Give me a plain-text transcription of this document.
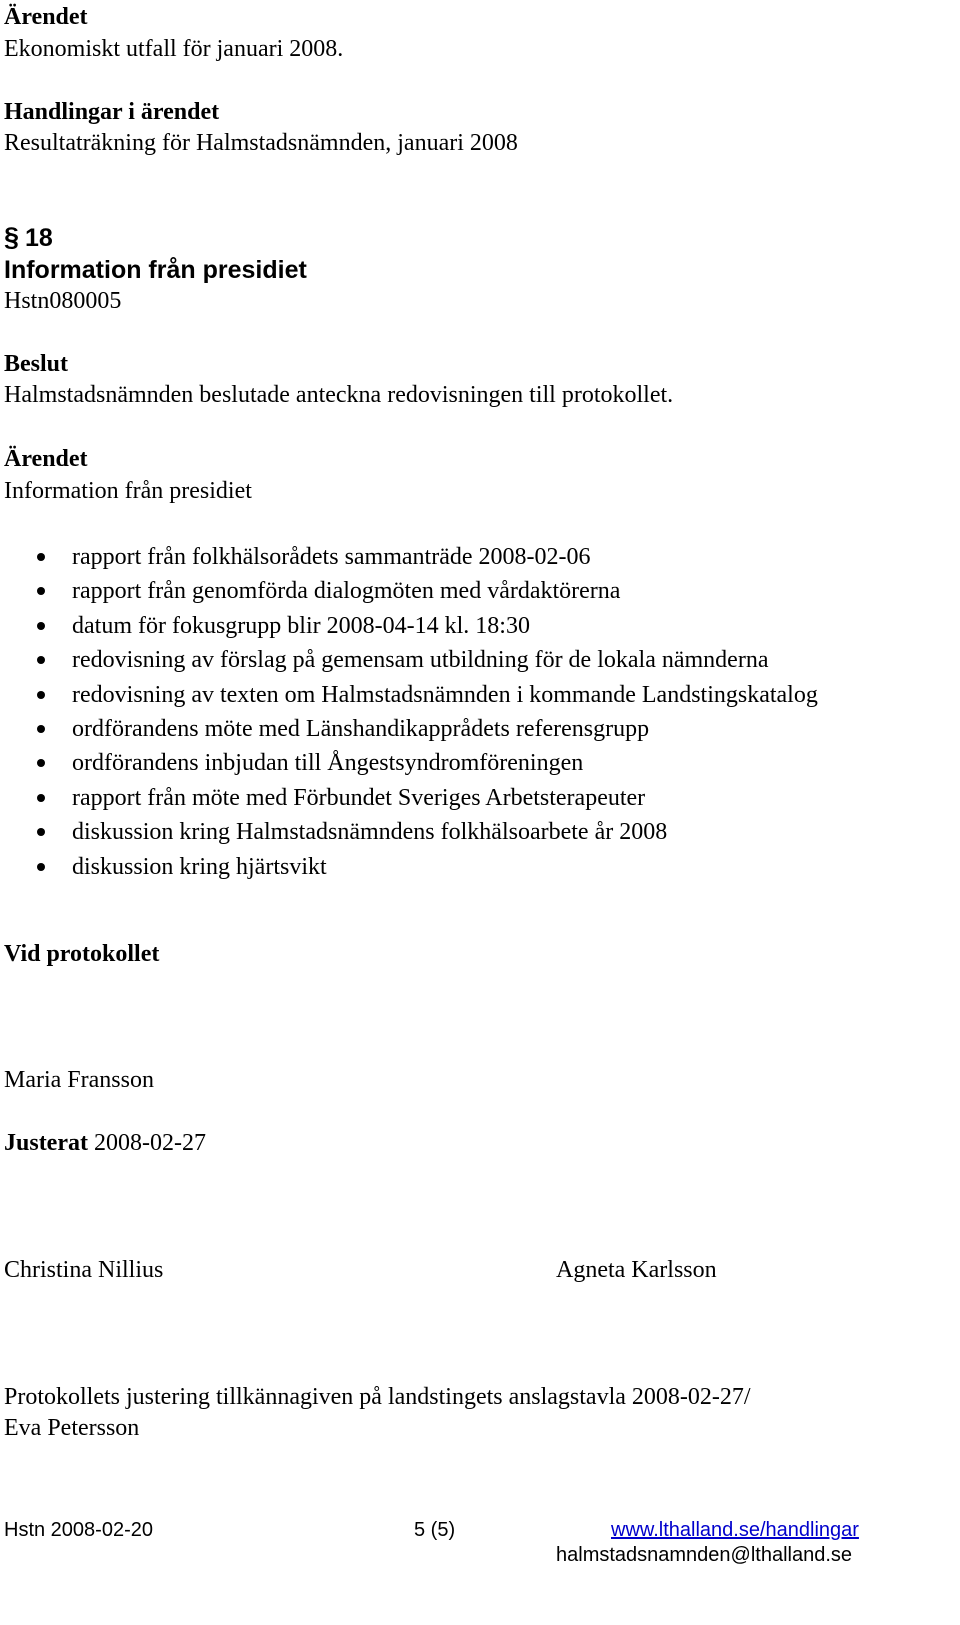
Ärendet
Ekonomiskt utfall för januari 2008.
Handlingar i ärendet
Resultaträkning för Halmstadsnämnden, januari 2008
§ 18
Information från presidiet
Hstn080005
Beslut
Halmstadsnämnden beslutade anteckna redovisningen till protokollet.
Ärendet
Information från presidiet
rapport från folkhälsorådets sammanträde 2008-02-06
rapport från genomförda dialogmöten med vårdaktörerna
datum för fokusgrupp blir 2008-04-14 kl. 18:30
redovisning av förslag på gemensam utbildning för de lokala nämnderna
redovisning av texten om Halmstadsnämnden i kommande Landstingskatalog
ordförandens möte med Länshandikapprådets referensgrupp
ordförandens inbjudan till Ångestsyndromföreningen
rapport från möte med Förbundet Sveriges Arbetsterapeuter
diskussion kring Halmstadsnämndens folkhälsoarbete år 2008
diskussion kring hjärtsvikt
Vid protokollet
Maria Fransson
Justerat 2008-02-27
Christina Nillius	Agneta Karlsson
Protokollets justering tillkännagiven på landstingets anslagstavla 2008-02-27/
Eva Petersson
Hstn 2008-02-20	5 (5)	www.lthalland.se/handlingar
halmstadsnamnden@lthalland.se
